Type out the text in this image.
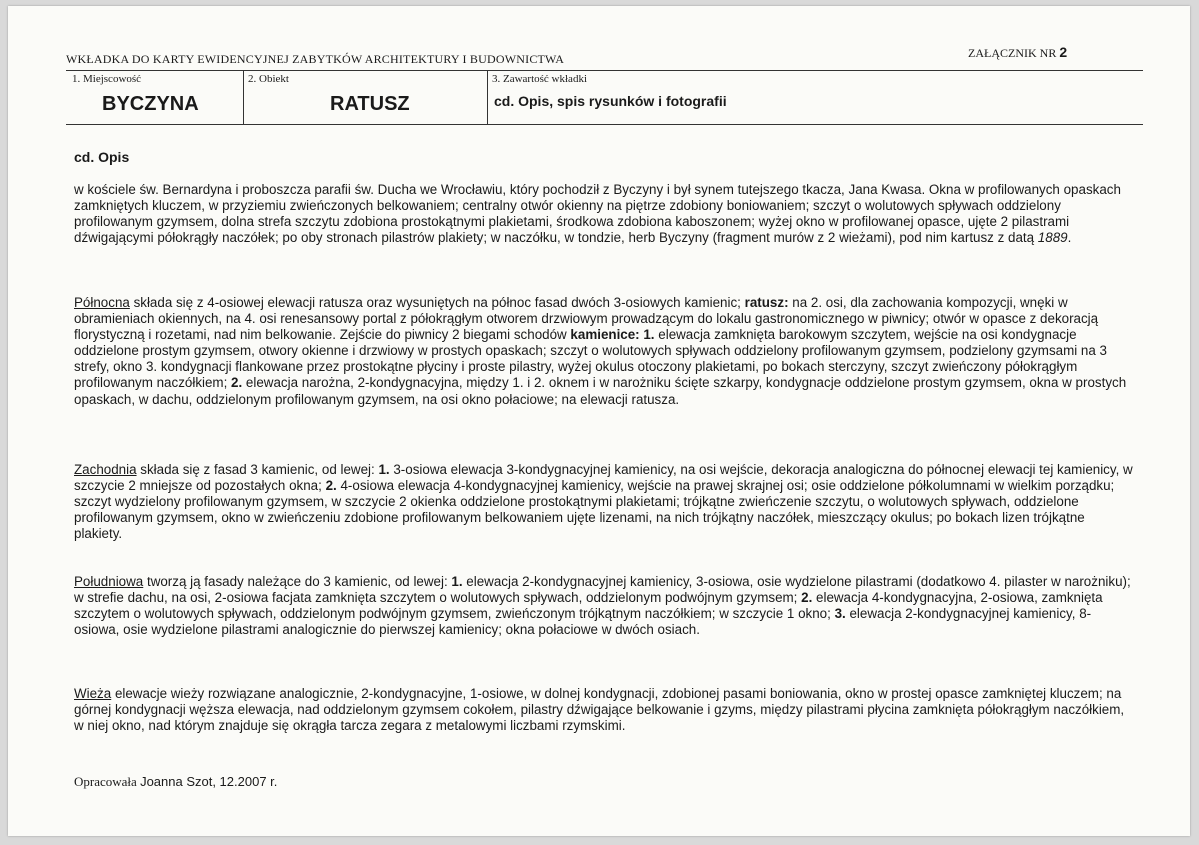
WKŁADKA DO KARTY EWIDENCYJNEJ ZABYTKÓW ARCHITEKTURY I BUDOWNICTWA	ZAŁĄCZNIK NR 2
1. Miejscowość
BYCZYNA
2. Obiekt
RATUSZ
3. Zawartość wkładki
cd. Opis, spis rysunków i fotografii
cd. Opis

w kościele św. Bernardyna i proboszcza parafii św. Ducha we Wrocławiu, który pochodził z Byczyny i był synem tutejszego tkacza, Jana Kwasa. Okna w profilowanych opaskach zamkniętych kluczem, w przyziemiu zwieńczonych belkowaniem; centralny otwór okienny na piętrze zdobiony boniowaniem; szczyt o wolutowych spływach oddzielony profilowanym gzymsem, dolna strefa szczytu zdobiona prostokątnymi plakietami, środkowa zdobiona kaboszonem; wyżej okno w profilowanej opasce, ujęte 2 pilastrami dźwigającymi półokrągły naczółek; po oby stronach pilastrów plakiety; w naczółku, w tondzie, herb Byczyny (fragment murów z 2 wieżami), pod nim kartusz z datą 1889.

Północna składa się z 4-osiowej elewacji ratusza oraz wysuniętych na północ fasad dwóch 3-osiowych kamienic; ratusz: na 2. osi, dla zachowania kompozycji, wnęki w obramieniach okiennych, na 4. osi renesansowy portal z półokrągłym otworem drzwiowym prowadzącym do lokalu gastronomicznego w piwnicy; otwór w opasce z dekoracją florystyczną i rozetami, nad nim belkowanie. Zejście do piwnicy 2 biegami schodów kamienice: 1. elewacja zamknięta barokowym szczytem, wejście na osi kondygnacje oddzielone prostym gzymsem, otwory okienne i drzwiowy w prostych opaskach; szczyt o wolutowych spływach oddzielony profilowanym gzymsem, podzielony gzymsami na 3 strefy, okno 3. kondygnacji flankowane przez prostokątne płyciny i proste pilastry, wyżej okulus otoczony plakietami, po bokach sterczyny, szczyt zwieńczony półokrągłym profilowanym naczółkiem; 2. elewacja narożna, 2-kondygnacyjna, między 1. i 2. oknem i w narożniku ścięte szkarpy, kondygnacje oddzielone prostym gzymsem, okna w prostych opaskach, w dachu, oddzielonym profilowanym gzymsem, na osi okno połaciowe; na elewacji ratusza.

Zachodnia składa się z fasad 3 kamienic, od lewej: 1. 3-osiowa elewacja 3-kondygnacyjnej kamienicy, na osi wejście, dekoracja analogiczna do północnej elewacji tej kamienicy, w szczycie 2 mniejsze od pozostałych okna; 2. 4-osiowa elewacja 4-kondygnacyjnej kamienicy, wejście na prawej skrajnej osi; osie oddzielone półkolumnami w wielkim porządku; szczyt wydzielony profilowanym gzymsem, w szczycie 2 okienka oddzielone prostokątnymi plakietami; trójkątne zwieńczenie szczytu, o wolutowych spływach, oddzielone profilowanym gzymsem, okno w zwieńczeniu zdobione profilowanym belkowaniem ujęte lizenami, na nich trójkątny naczółek, mieszczący okulus; po bokach lizen trójkątne plakiety.

Południowa tworzą ją fasady należące do 3 kamienic, od lewej: 1. elewacja 2-kondygnacyjnej kamienicy, 3-osiowa, osie wydzielone pilastrami (dodatkowo 4. pilaster w narożniku); w strefie dachu, na osi, 2-osiowa facjata zamknięta szczytem o wolutowych spływach, oddzielonym podwójnym gzymsem; 2. elewacja 4-kondygnacyjna, 2-osiowa, zamknięta szczytem o wolutowych spływach, oddzielonym podwójnym gzymsem, zwieńczonym trójkątnym naczółkiem; w szczycie 1 okno; 3. elewacja 2-kondygnacyjnej kamienicy, 8-osiowa, osie wydzielone pilastrami analogicznie do pierwszej kamienicy; okna połaciowe w dwóch osiach.

Wieża elewacje wieży rozwiązane analogicznie, 2-kondygnacyjne, 1-osiowe, w dolnej kondygnacji, zdobionej pasami boniowania, okno w prostej opasce zamkniętej kluczem; na górnej kondygnacji węższa elewacja, nad oddzielonym gzymsem cokołem, pilastry dźwigające belkowanie i gzyms, między pilastrami płycina zamknięta półokrągłym naczółkiem, w niej okno, nad którym znajduje się okrągła tarcza zegara z metalowymi liczbami rzymskimi.

Opracowała Joanna Szot, 12.2007 r.
